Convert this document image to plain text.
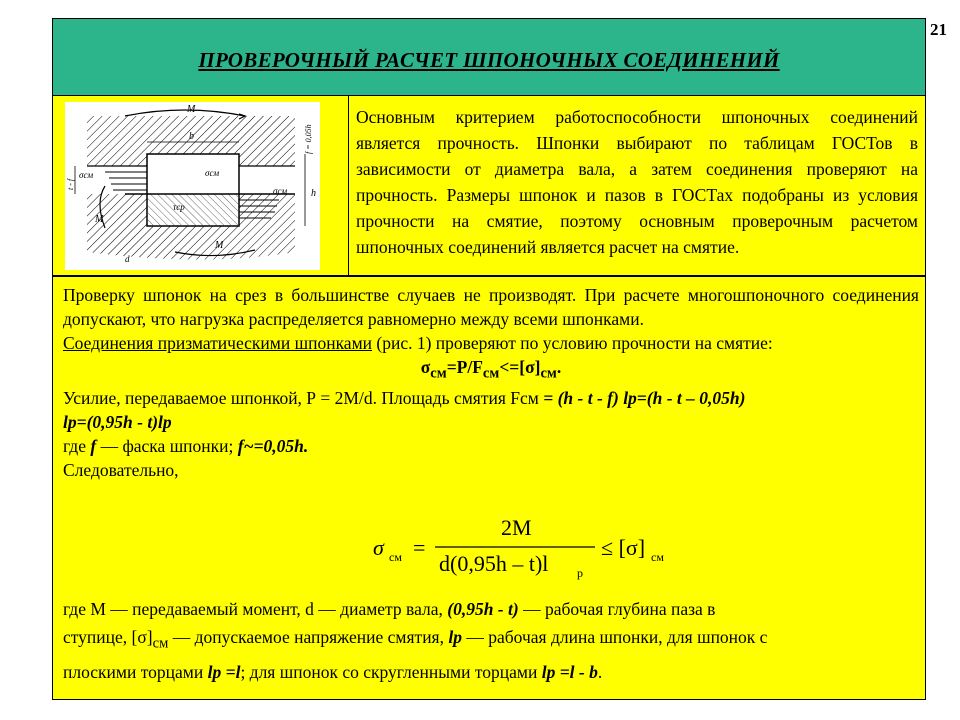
21
ПРОВЕРОЧНЫЙ РАСЧЕТ ШПОНОЧНЫХ СОЕДИНЕНИЙ
M
b	f = 0,05h
t - f
h
σсм
σсм
τср
σсм
M
M
d
Основным критерием работоспособности шпоночных соединений является прочность. Шпонки выбирают по таблицам ГОСТов в зависимости от диаметра вала, а затем соединения проверяют на прочность. Размеры шпонок и пазов в ГОСТах подобраны из условия прочности на смятие, поэтому основным проверочным расчетом шпоночных соединений является расчет на смятие.

Проверку шпонок на срез в большинстве случаев не производят. При расчете многошпоночного соединения допускают, что нагрузка распределяется равномерно между всеми шпонками.

Соединения призматическими шпонками (рис. 1) проверяют по условию прочности на смятие:

$\sigma_{см}=P/F_{см}<=[\sigma]_{см}$.

Усилие, передаваемое шпонкой, Р = 2М/d. Площадь смятия Fсм = (h - t - f) lр=(h - t – 0,05h)

lр=(0,95h - t)lр

где f — фаска шпонки; f~=0,05h.

Следовательно,

σ см =
2M
d(0,95h – t)l р
≤ [σ] см

где М — передаваемый момент, d — диаметр вала, (0,95h - t) — рабочая глубина паза в

ступице, $[\sigma]_{см}$ — допускаемое напряжение смятия, lр — рабочая длина шпонки, для шпонок с

плоскими торцами lр =l; для шпонок со скругленными торцами lр =l - b.
